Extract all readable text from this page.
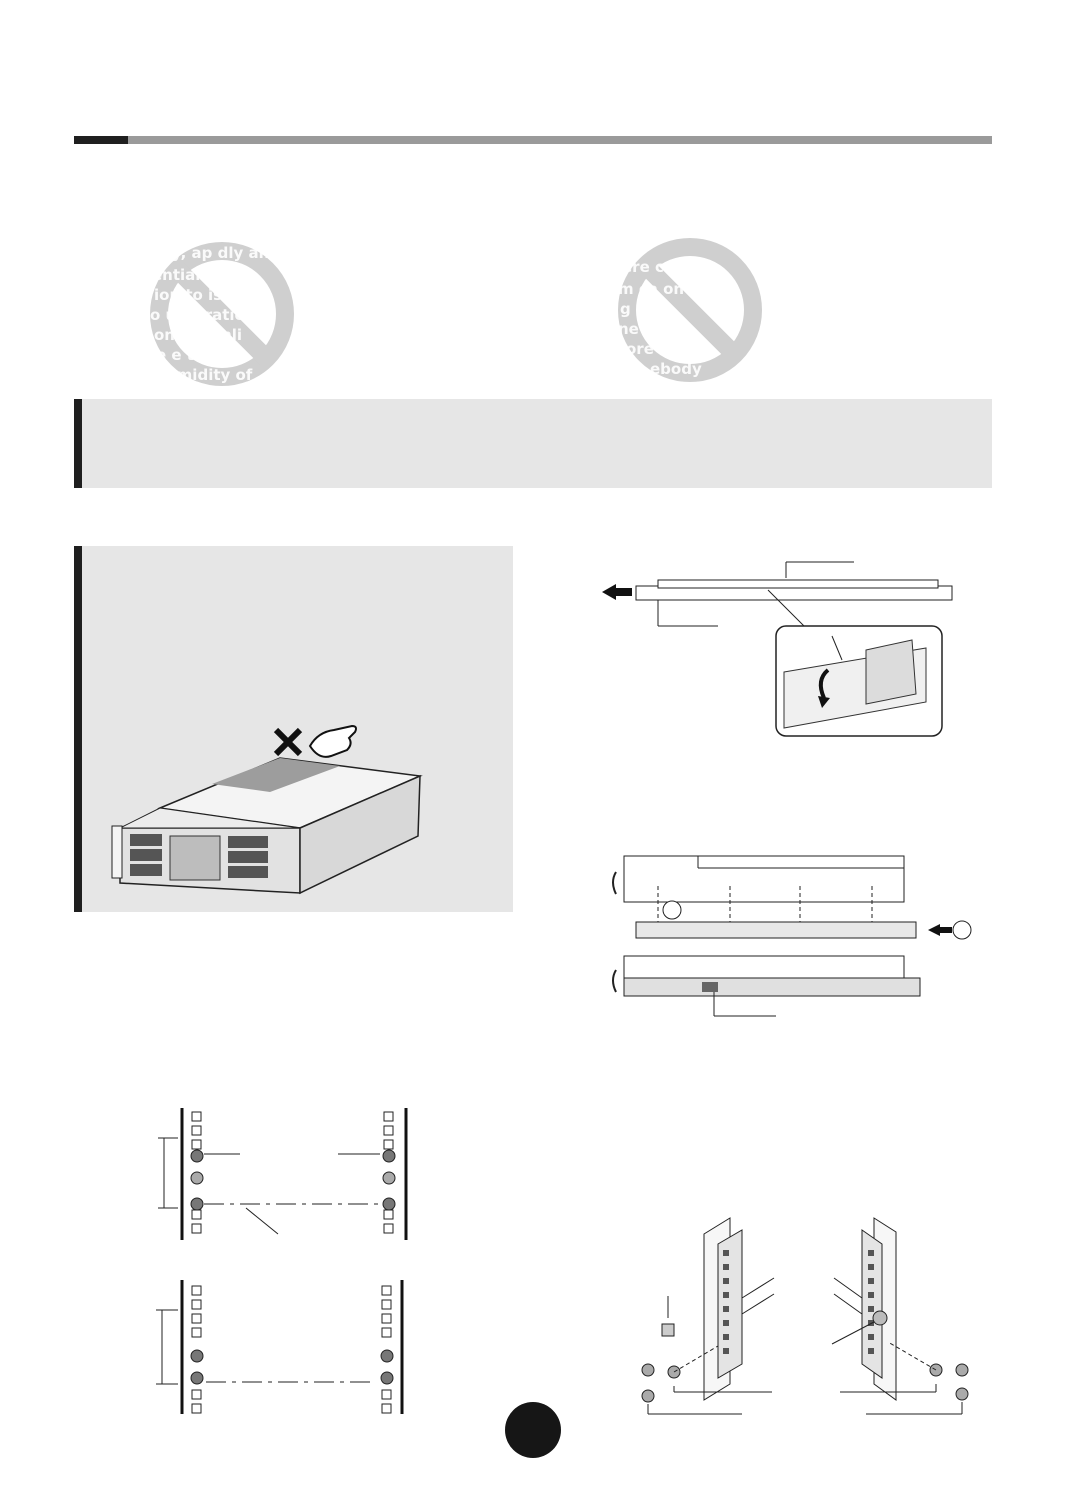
y, ap dly an
ential
ion to is
o ure, ratio
on ct sunli
e e ture
umidity of
ere c to
m ca on
g ng
ne en ne
ore ce
ebody
